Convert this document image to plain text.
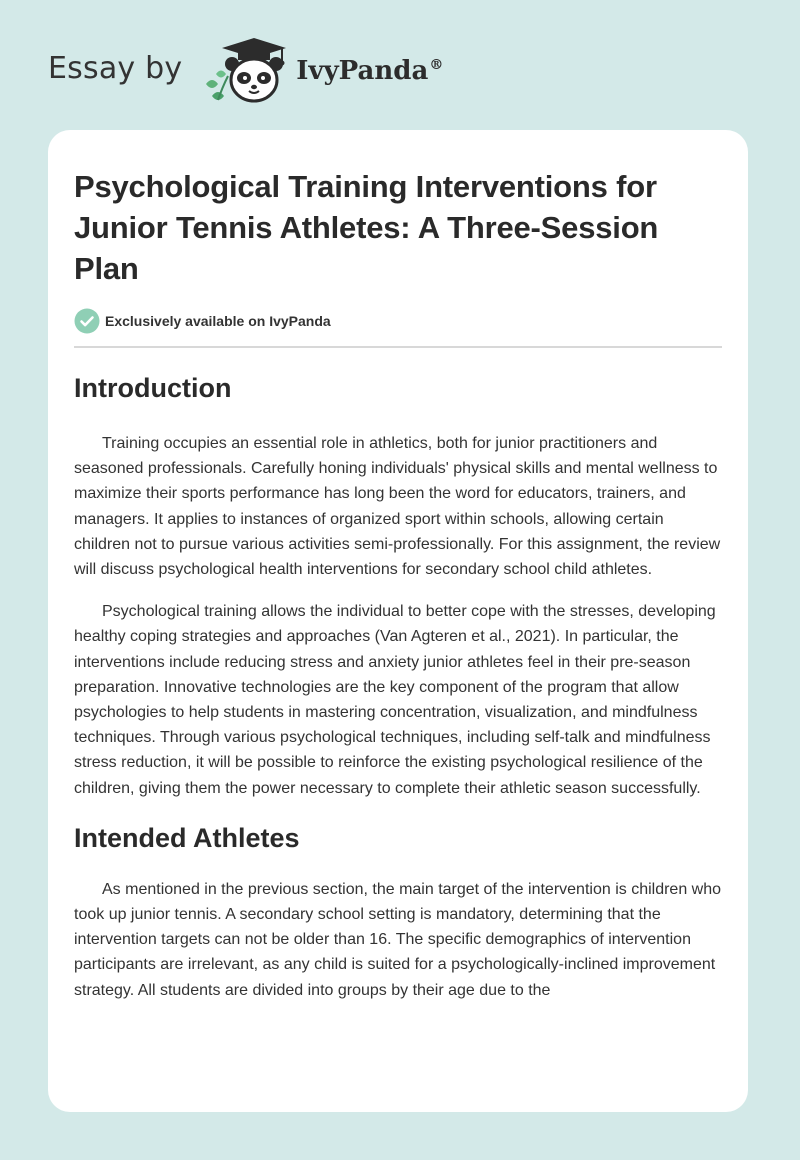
Essay by	IvyPanda®
Psychological Training Interventions for Junior Tennis Athletes: A Three-Session Plan
Exclusively available on IvyPanda
Introduction

Training occupies an essential role in athletics, both for junior practitioners and seasoned professionals. Carefully honing individuals' physical skills and mental wellness to maximize their sports performance has long been the word for educators, trainers, and managers. It applies to instances of organized sport within schools, allowing certain children not to pursue various activities semi-professionally. For this assignment, the review will discuss psychological health interventions for secondary school child athletes.

Psychological training allows the individual to better cope with the stresses, developing healthy coping strategies and approaches (Van Agteren et al., 2021). In particular, the interventions include reducing stress and anxiety junior athletes feel in their pre-season preparation. Innovative technologies are the key component of the program that allow psychologies to help students in mastering concentration, visualization, and mindfulness techniques. Through various psychological techniques, including self-talk and mindfulness stress reduction, it will be possible to reinforce the existing psychological resilience of the children, giving them the power necessary to complete their athletic season successfully.

Intended Athletes

As mentioned in the previous section, the main target of the intervention is children who took up junior tennis. A secondary school setting is mandatory, determining that the intervention targets can not be older than 16. The specific demographics of intervention participants are irrelevant, as any child is suited for a psychologically-inclined improvement strategy. All students are divided into groups by their age due to the
